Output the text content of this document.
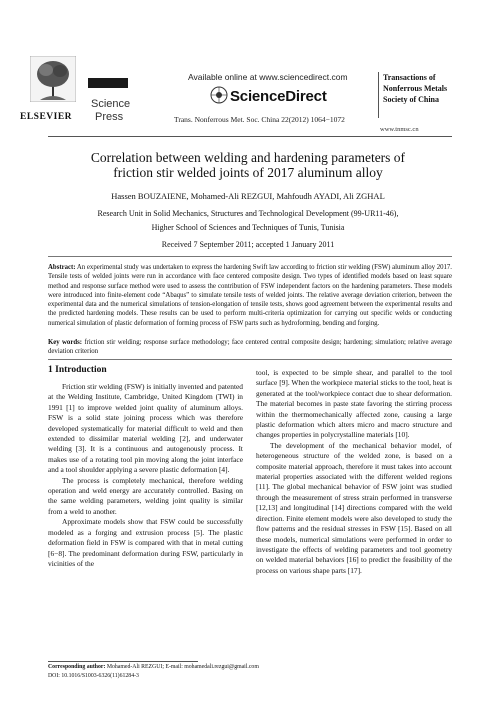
ELSEVIER
Science
Press
Available online at www.sciencedirect.com
ScienceDirect
Trans. Nonferrous Met. Soc. China 22(2012) 1064−1072
Transactions of
Nonferrous Metals
Society of China
www.tnmsc.cn
Correlation between welding and hardening parameters of
friction stir welded joints of 2017 aluminum alloy
Hassen BOUZAIENE, Mohamed-Ali REZGUI, Mahfoudh AYADI, Ali ZGHAL
Research Unit in Solid Mechanics, Structures and Technological Development (99-UR11-46),
Higher School of Sciences and Techniques of Tunis, Tunisia
Received 7 September 2011; accepted 1 January 2011
Abstract: An experimental study was undertaken to express the hardening Swift law according to friction stir welding (FSW) aluminum alloy 2017. Tensile tests of welded joints were run in accordance with face centered composite design. Two types of identified models based on least square method and response surface method were used to assess the contribution of FSW independent factors on the hardening parameters. These models were introduced into finite-element code “Abaqus” to simulate tensile tests of welded joints. The relative average deviation criterion, between the experimental data and the numerical simulations of tension-elongation of tensile tests, shows good agreement between the experimental results and the predicted hardening models. These results can be used to perform multi-criteria optimization for carrying out specific welds or conducting numerical simulation of plastic deformation of forming process of FSW parts such as hydroforming, bending and forging.
Key words: friction stir welding; response surface methodology; face centered central composite design; hardening; simulation; relative average deviation criterion
1 Introduction

Friction stir welding (FSW) is initially invented and patented at the Welding Institute, Cambridge, United Kingdom (TWI) in 1991 [1] to improve welded joint quality of aluminum alloys. FSW is a solid state joining process which was therefore developed systematically for material difficult to weld and then extended to dissimilar material welding [2], and underwater welding [3]. It is a continuous and autogenously process. It makes use of a rotating tool pin moving along the joint interface and a tool shoulder applying a severe plastic deformation [4].

The process is completely mechanical, therefore welding operation and weld energy are accurately controlled. Basing on the same welding parameters, welding joint quality is similar from a weld to another.

Approximate models show that FSW could be successfully modeled as a forging and extrusion process [5]. The plastic deformation field in FSW is compared with that in metal cutting [6−8]. The predominant deformation during FSW, particularly in vicinities of the

tool, is expected to be simple shear, and parallel to the tool surface [9]. When the workpiece material sticks to the tool, heat is generated at the tool/workpiece contact due to shear deformation. The material becomes in paste state favoring the stirring process within the thermomechanically affected zone, causing a large plastic deformation which alters micro and macro structure and changes properties in polycrystalline materials [10].

The development of the mechanical behavior model, of heterogeneous structure of the welded zone, is based on a composite material approach, therefore it must takes into account material properties associated with the different welded regions [11]. The global mechanical behavior of FSW joint was studied through the measurement of stress strain performed in transverse [12,13] and longitudinal [14] directions compared with the weld direction. Finite element models were also developed to study the flow patterns and the residual stresses in FSW [15]. Based on all these models, numerical simulations were performed in order to investigate the effects of welding parameters and tool geometry on welded material behaviors [16] to predict the feasibility of the process on various shape parts [17].

Corresponding author: Mohamed-Ali REZGUI; E-mail: mohamedali.rezgui@gmail.com
DOI: 10.1016/S1003-6326(11)61284-3
